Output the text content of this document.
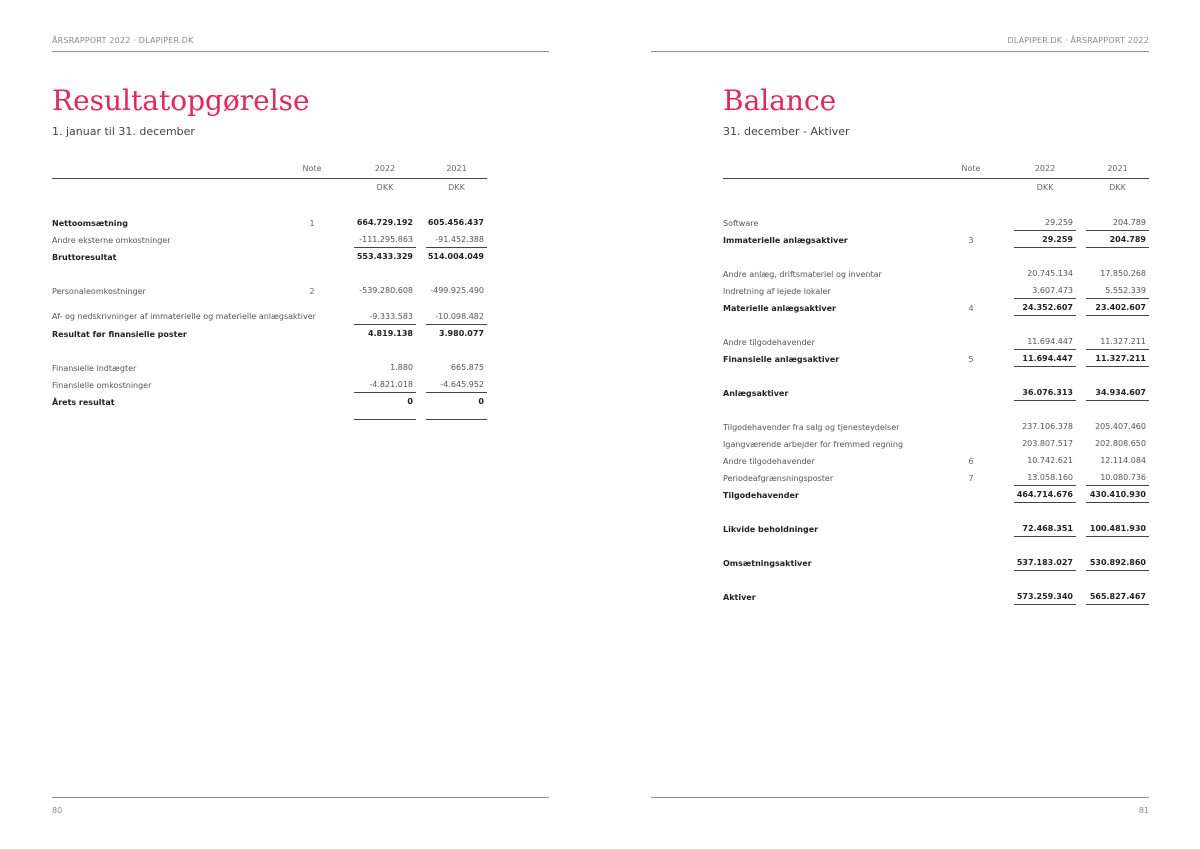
ÅRSRAPPORT 2022 · DLAPIPER.DK
Resultatopgørelse
1. januar til 31. december
Note	2022	2021
DKK	DKK
Nettoomsætning	1	664.729.192	605.456.437
Andre eksterne omkostninger	-111.295.863	-91.452.388
Bruttoresultat	553.433.329	514.004.049
Personaleomkostninger	2	-539.280.608	-499.925.490
Af- og nedskrivninger af immaterielle og materielle anlægsaktiver	-9.333.583	-10.098.482
Resultat før finansielle poster	4.819.138	3.980.077
Finansielle indtægter	1.880	665.875
Finansielle omkostninger	-4.821.018	-4.645.952
Årets resultat	0	0
80
DLAPIPER.DK · ÅRSRAPPORT 2022
Balance
31. december - Aktiver
Note	2022	2021
DKK	DKK
Software	29.259	204.789
Immaterielle anlægsaktiver	3	29.259	204.789
Andre anlæg, driftsmateriel og inventar	20.745.134	17.850.268
Indretning af lejede lokaler	3.607.473	5.552.339
Materielle anlægsaktiver	4	24.352.607	23.402.607
Andre tilgodehavender	11.694.447	11.327.211
Finansielle anlægsaktiver	5	11.694.447	11.327.211
Anlægsaktiver	36.076.313	34.934.607
Tilgodehavender fra salg og tjenesteydelser	237.106.378	205.407.460
Igangværende arbejder for fremmed regning	203.807.517	202.808.650
Andre tilgodehavender	6	10.742.621	12.114.084
Periodeafgrænsningsposter	7	13.058.160	10.080.736
Tilgodehavender	464.714.676	430.410.930
Likvide beholdninger	72.468.351	100.481.930
Omsætningsaktiver	537.183.027	530.892.860
Aktiver	573.259.340	565.827.467
81
